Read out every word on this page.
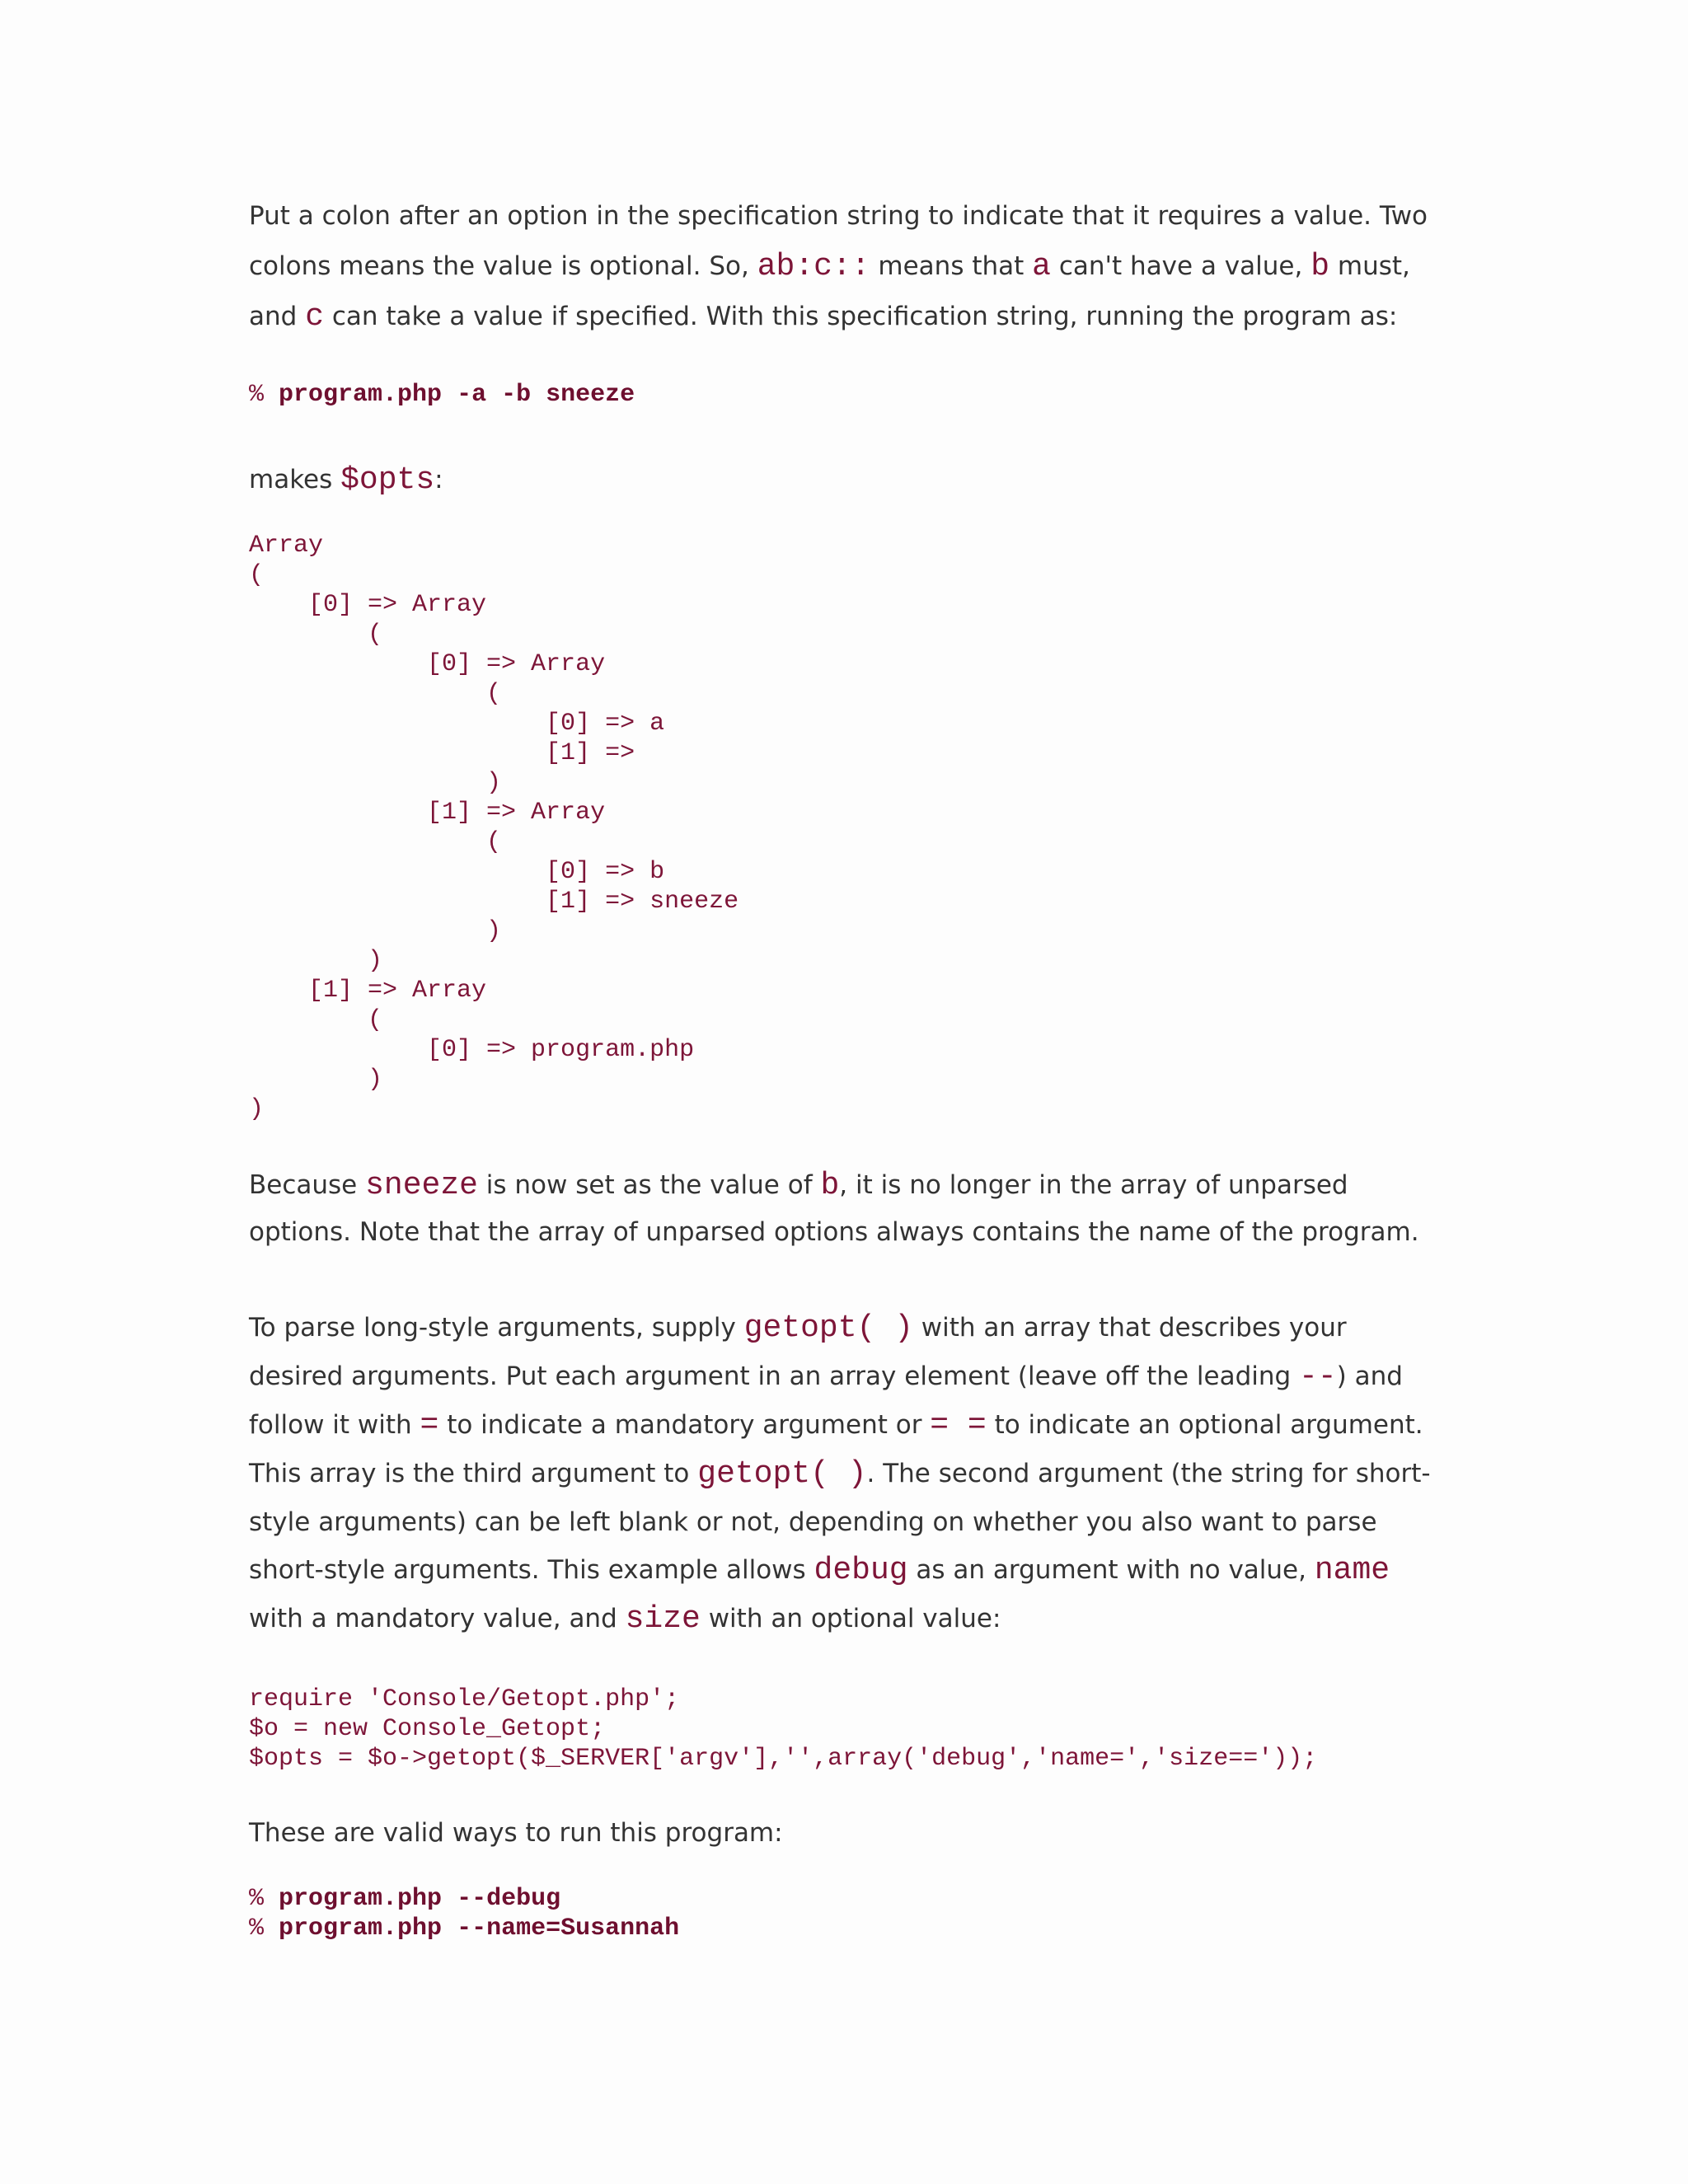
Put a colon after an option in the specification string to indicate that it requires a value. Two colons means the value is optional. So, ab:c:: means that a can't have a value, b must, and c can take a value if specified. With this specification string, running the program as:

% program.php -a -b sneeze

makes $opts:

Array
(
[0] => Array
(
[0] => Array
(
[0] => a
[1] =>
)
[1] => Array
(
[0] => b
[1] => sneeze
)
)
[1] => Array
(
[0] => program.php
)
)

Because sneeze is now set as the value of b, it is no longer in the array of unparsed options. Note that the array of unparsed options always contains the name of the program.

To parse long-style arguments, supply getopt( ) with an array that describes your desired arguments. Put each argument in an array element (leave off the leading --) and follow it with = to indicate a mandatory argument or = = to indicate an optional argument. This array is the third argument to getopt( ). The second argument (the string for short-style arguments) can be left blank or not, depending on whether you also want to parse short-style arguments. This example allows debug as an argument with no value, name with a mandatory value, and size with an optional value:

require 'Console/Getopt.php';
$o = new Console_Getopt;
$opts = $o->getopt($_SERVER['argv'],'',array('debug','name=','size=='));

These are valid ways to run this program:

% program.php --debug
% program.php --name=Susannah
